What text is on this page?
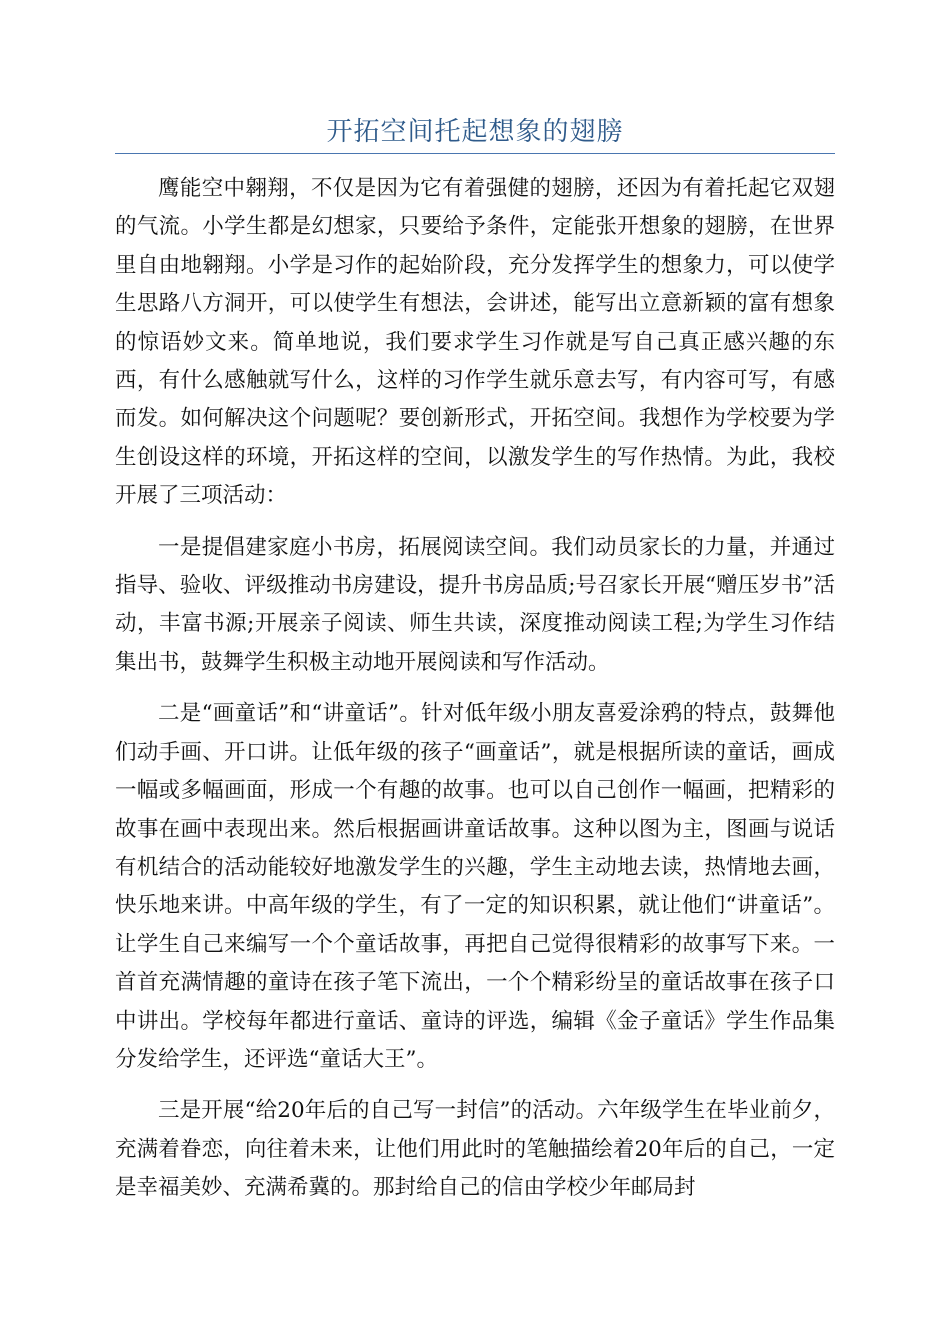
开拓空间托起想象的翅膀

鹰能空中翱翔，不仅是因为它有着强健的翅膀，还因为有着托起它双翅的气流。小学生都是幻想家，只要给予条件，定能张开想象的翅膀，在世界里自由地翱翔。小学是习作的起始阶段，充分发挥学生的想象力，可以使学生思路八方洞开，可以使学生有想法，会讲述，能写出立意新颖的富有想象的惊语妙文来。简单地说，我们要求学生习作就是写自己真正感兴趣的东西，有什么感触就写什么，这样的习作学生就乐意去写，有内容可写，有感而发。如何解决这个问题呢？要创新形式，开拓空间。我想作为学校要为学生创设这样的环境，开拓这样的空间，以激发学生的写作热情。为此，我校开展了三项活动：

一是提倡建家庭小书房，拓展阅读空间。我们动员家长的力量，并通过指导、验收、评级推动书房建设，提升书房品质;号召家长开展“赠压岁书”活动，丰富书源;开展亲子阅读、师生共读，深度推动阅读工程;为学生习作结集出书，鼓舞学生积极主动地开展阅读和写作活动。

二是“画童话”和“讲童话”。针对低年级小朋友喜爱涂鸦的特点，鼓舞他们动手画、开口讲。让低年级的孩子“画童话”，就是根据所读的童话，画成一幅或多幅画面，形成一个有趣的故事。也可以自己创作一幅画，把精彩的故事在画中表现出来。然后根据画讲童话故事。这种以图为主，图画与说话有机结合的活动能较好地激发学生的兴趣，学生主动地去读，热情地去画，快乐地来讲。中高年级的学生，有了一定的知识积累，就让他们“讲童话”。让学生自己来编写一个个童话故事，再把自己觉得很精彩的故事写下来。一首首充满情趣的童诗在孩子笔下流出，一个个精彩纷呈的童话故事在孩子口中讲出。学校每年都进行童话、童诗的评选，编辑《金子童话》学生作品集分发给学生，还评选“童话大王”。

三是开展“给20年后的自己写一封信”的活动。六年级学生在毕业前夕，充满着眷恋，向往着未来，让他们用此时的笔触描绘着20年后的自己，一定是幸福美妙、充满希冀的。那封给自己的信由学校少年邮局封
